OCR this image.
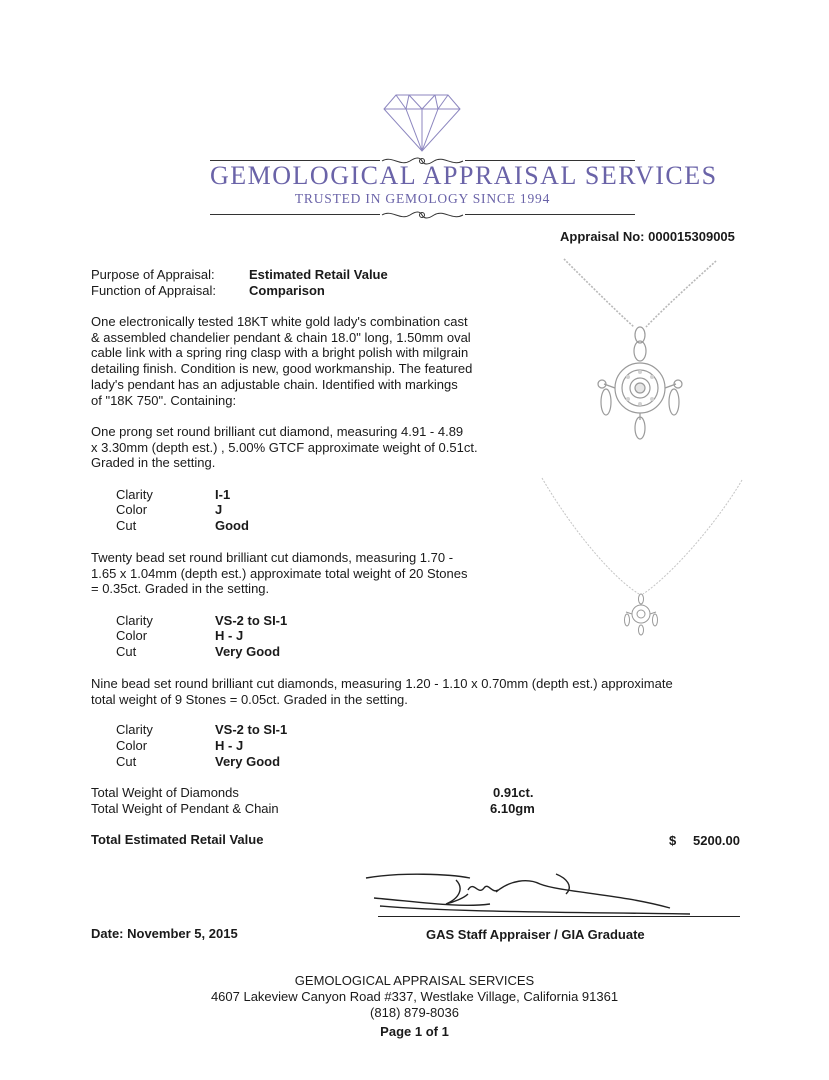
GEMOLOGICAL APPRAISAL SERVICES
TRUSTED IN GEMOLOGY SINCE 1994
Appraisal No: 000015309005
Purpose of Appraisal:	Estimated Retail Value
Function of Appraisal:	Comparison
One electronically tested 18KT white gold lady's combination cast
& assembled chandelier pendant & chain 18.0" long, 1.50mm oval
cable link with a spring ring clasp with a bright polish with milgrain
detailing finish. Condition is new, good workmanship. The featured
lady's pendant has an adjustable chain. Identified with markings
of "18K 750". Containing:
One prong set round brilliant cut diamond, measuring 4.91 - 4.89
x 3.30mm (depth est.) , 5.00% GTCF approximate weight of 0.51ct.
Graded in the setting.
Clarity	I-1
Color	J
Cut	Good
Twenty bead set round brilliant cut diamonds, measuring 1.70 -
1.65 x 1.04mm (depth est.) approximate total weight of 20 Stones
= 0.35ct. Graded in the setting.
Clarity	VS-2 to SI-1
Color	H - J
Cut	Very Good
Nine bead set round brilliant cut diamonds, measuring 1.20 - 1.10 x 0.70mm (depth est.) approximate
total weight of 9 Stones = 0.05ct. Graded in the setting.
Clarity	VS-2 to SI-1
Color	H - J
Cut	Very Good
Total Weight of Diamonds	0.91ct.
Total Weight of Pendant & Chain	6.10gm
Total Estimated Retail Value	$ 5200.00
Date: November 5, 2015	GAS Staff Appraiser / GIA Graduate
GEMOLOGICAL APPRAISAL SERVICES
4607 Lakeview Canyon Road #337, Westlake Village, California 91361
(818) 879-8036
Page 1 of 1
